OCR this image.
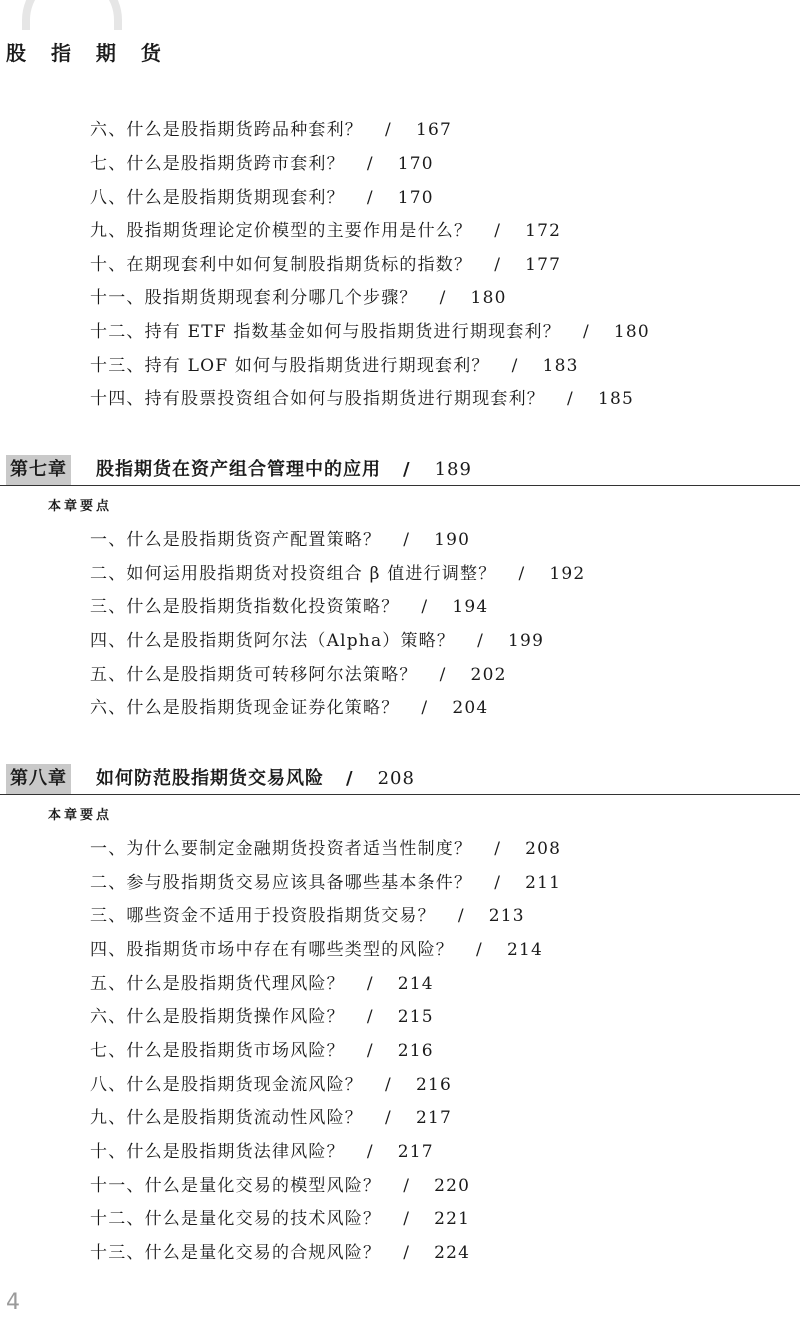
股 指 期 货
六、什么是股指期货跨品种套利？ / 167
七、什么是股指期货跨市套利？ / 170
八、什么是股指期货期现套利？ / 170
九、股指期货理论定价模型的主要作用是什么？ / 172
十、在期现套利中如何复制股指期货标的指数？ / 177
十一、股指期货期现套利分哪几个步骤？ / 180
十二、持有 ETF 指数基金如何与股指期货进行期现套利？ / 180
十三、持有 LOF 如何与股指期货进行期现套利？ / 183
十四、持有股票投资组合如何与股指期货进行期现套利？ / 185
第七章 股指期货在资产组合管理中的应用 / 189
本章要点
一、什么是股指期货资产配置策略？ / 190
二、如何运用股指期货对投资组合 β 值进行调整？ / 192
三、什么是股指期货指数化投资策略？ / 194
四、什么是股指期货阿尔法（Alpha）策略？ / 199
五、什么是股指期货可转移阿尔法策略？ / 202
六、什么是股指期货现金证券化策略？ / 204
第八章 如何防范股指期货交易风险 / 208
本章要点
一、为什么要制定金融期货投资者适当性制度？ / 208
二、参与股指期货交易应该具备哪些基本条件？ / 211
三、哪些资金不适用于投资股指期货交易？ / 213
四、股指期货市场中存在有哪些类型的风险？ / 214
五、什么是股指期货代理风险？ / 214
六、什么是股指期货操作风险？ / 215
七、什么是股指期货市场风险？ / 216
八、什么是股指期货现金流风险？ / 216
九、什么是股指期货流动性风险？ / 217
十、什么是股指期货法律风险？ / 217
十一、什么是量化交易的模型风险？ / 220
十二、什么是量化交易的技术风险？ / 221
十三、什么是量化交易的合规风险？ / 224
4
